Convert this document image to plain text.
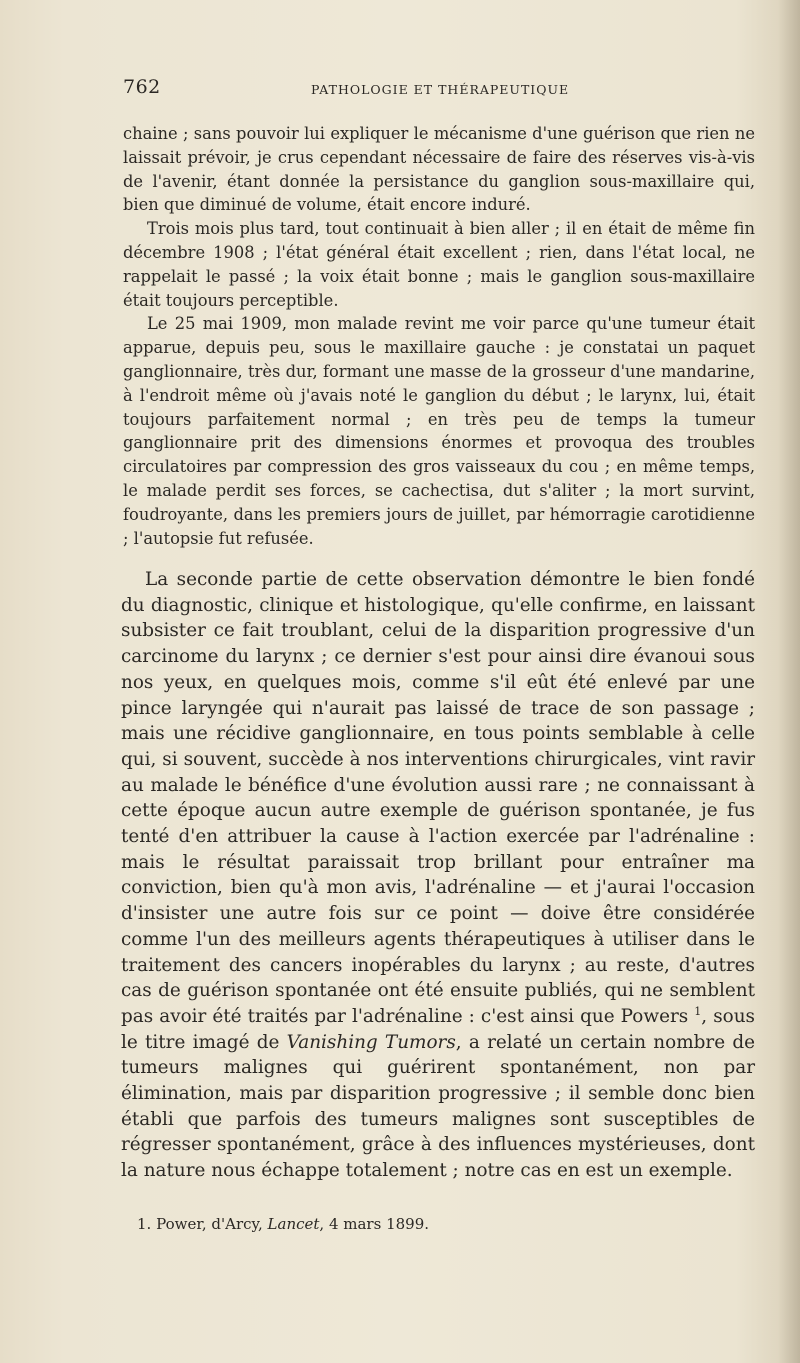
762	PATHOLOGIE ET THÉRAPEUTIQUE

chaine ; sans pouvoir lui expliquer le mécanisme d'une guérison que rien ne laissait prévoir, je crus cependant nécessaire de faire des réserves vis-à-vis de l'avenir, étant donnée la persistance du ganglion sous-maxillaire qui, bien que diminué de volume, était encore induré.

Trois mois plus tard, tout continuait à bien aller ; il en était de même fin décembre 1908 ; l'état général était excellent ; rien, dans l'état local, ne rappelait le passé ; la voix était bonne ; mais le ganglion sous-maxillaire était toujours perceptible.

Le 25 mai 1909, mon malade revint me voir parce qu'une tumeur était apparue, depuis peu, sous le maxillaire gauche : je constatai un paquet ganglionnaire, très dur, formant une masse de la grosseur d'une mandarine, à l'endroit même où j'avais noté le ganglion du début ; le larynx, lui, était toujours parfaitement normal ; en très peu de temps la tumeur ganglionnaire prit des dimensions énormes et provoqua des troubles circulatoires par compression des gros vaisseaux du cou ; en même temps, le malade perdit ses forces, se cachectisa, dut s'aliter ; la mort survint, foudroyante, dans les premiers jours de juillet, par hémorragie carotidienne ; l'autopsie fut refusée.

La seconde partie de cette observation démontre le bien fondé du diagnostic, clinique et histologique, qu'elle confirme, en laissant subsister ce fait troublant, celui de la disparition progressive d'un carcinome du larynx ; ce dernier s'est pour ainsi dire évanoui sous nos yeux, en quelques mois, comme s'il eût été enlevé par une pince laryngée qui n'aurait pas laissé de trace de son passage ; mais une récidive ganglionnaire, en tous points semblable à celle qui, si souvent, succède à nos interventions chirurgicales, vint ravir au malade le bénéfice d'une évolution aussi rare ; ne connaissant à cette époque aucun autre exemple de guérison spontanée, je fus tenté d'en attribuer la cause à l'action exercée par l'adrénaline : mais le résultat paraissait trop brillant pour entraîner ma conviction, bien qu'à mon avis, l'adrénaline — et j'aurai l'occasion d'insister une autre fois sur ce point — doive être considérée comme l'un des meilleurs agents thérapeutiques à utiliser dans le traitement des cancers inopérables du larynx ; au reste, d'autres cas de guérison spontanée ont été ensuite publiés, qui ne semblent pas avoir été traités par l'adrénaline : c'est ainsi que Powers $^1$, sous le titre imagé de Vanishing Tumors, a relaté un certain nombre de tumeurs malignes qui guérirent spontanément, non par élimination, mais par disparition progressive ; il semble donc bien établi que parfois des tumeurs malignes sont susceptibles de régresser spontanément, grâce à des influences mystérieuses, dont la nature nous échappe totalement ; notre cas en est un exemple.

1. Power, d'Arcy, Lancet, 4 mars 1899.
